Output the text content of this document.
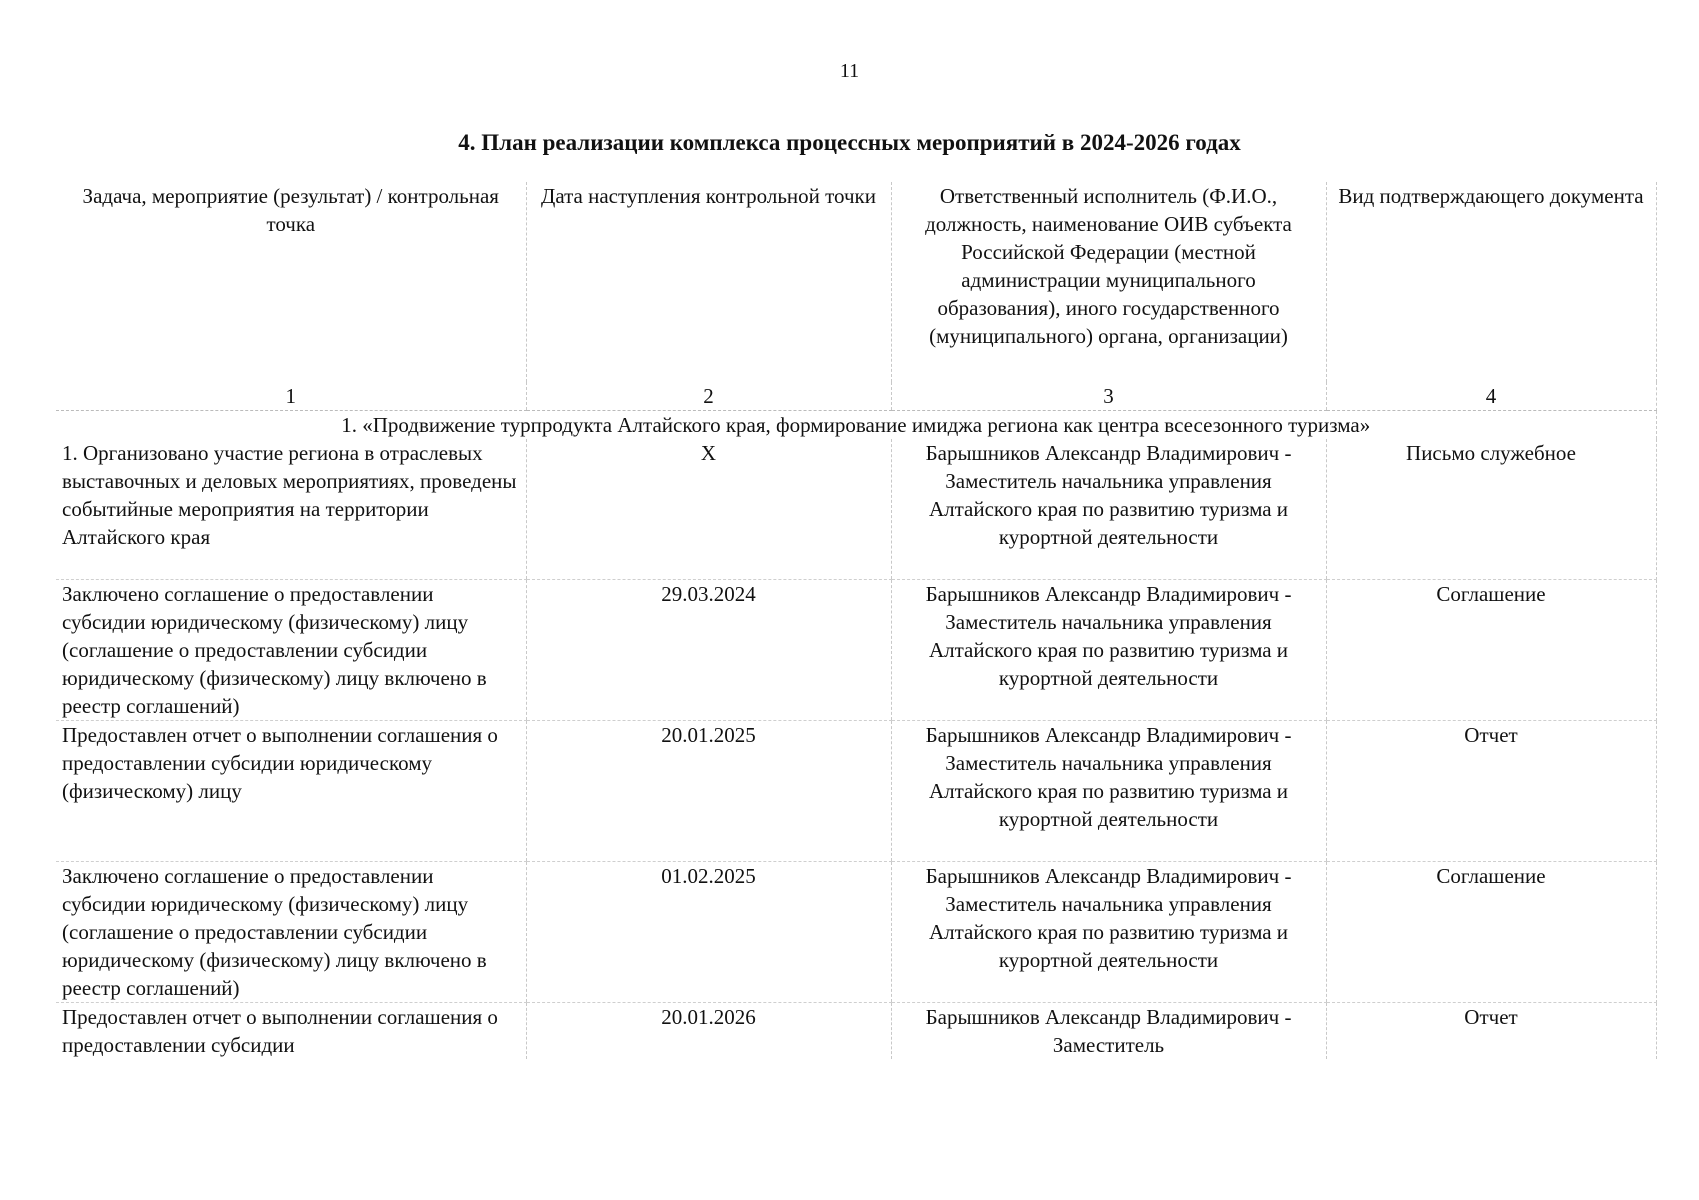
11
4. План реализации комплекса процессных мероприятий в 2024-2026 годах
Задача, мероприятие (результат) / контрольная точка	Дата наступления контрольной точки	Ответственный исполнитель (Ф.И.О., должность, наименование ОИВ субъекта Российской Федерации (местной администрации муниципального образования), иного государственного (муниципального) органа, организации)	Вид подтверждающего документа
1	2	3	4
1. «Продвижение турпродукта Алтайского края, формирование имиджа региона как центра всесезонного туризма»			
1. Организовано участие региона в отраслевых выставочных и деловых мероприятиях, проведены событийные мероприятия на территории Алтайского края	Х	Барышников Александр Владимирович - Заместитель начальника управления Алтайского края по развитию туризма и курортной деятельности	Письмо служебное
Заключено соглашение о предоставлении субсидии юридическому (физическому) лицу (соглашение о предоставлении субсидии юридическому (физическому) лицу включено в реестр соглашений)	29.03.2024	Барышников Александр Владимирович - Заместитель начальника управления Алтайского края по развитию туризма и курортной деятельности	Соглашение
Предоставлен отчет о выполнении соглашения о предоставлении субсидии юридическому (физическому) лицу	20.01.2025	Барышников Александр Владимирович - Заместитель начальника управления Алтайского края по развитию туризма и курортной деятельности	Отчет
Заключено соглашение о предоставлении субсидии юридическому (физическому) лицу (соглашение о предоставлении субсидии юридическому (физическому) лицу включено в реестр соглашений)	01.02.2025	Барышников Александр Владимирович - Заместитель начальника управления Алтайского края по развитию туризма и курортной деятельности	Соглашение
Предоставлен отчет о выполнении соглашения о предоставлении субсидии	20.01.2026	Барышников Александр Владимирович - Заместитель	Отчет
